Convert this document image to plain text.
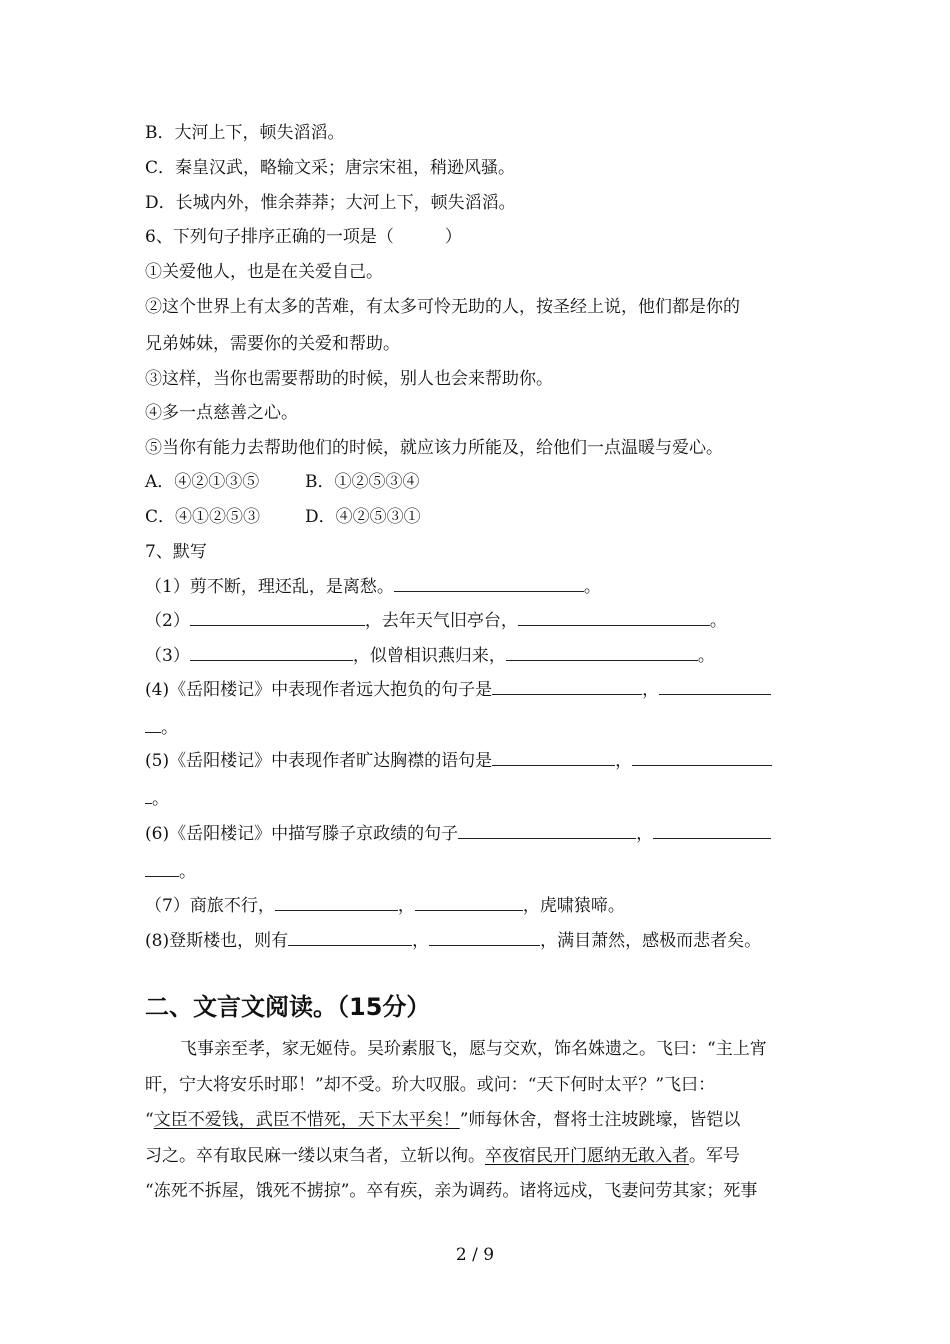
B．大河上下，顿失滔滔。
C．秦皇汉武，略输文采；唐宗宋祖，稍逊风骚。
D．长城内外，惟余莽莽；大河上下，顿失滔滔。
6、下列句子排序正确的一项是（　　　）
①关爱他人，也是在关爱自己。
②这个世界上有太多的苦难，有太多可怜无助的人，按圣经上说，他们都是你的
兄弟姊妹，需要你的关爱和帮助。
③这样，当你也需要帮助的时候，别人也会来帮助你。
④多一点慈善之心。
⑤当你有能力去帮助他们的时候，就应该力所能及，给他们一点温暖与爱心。
A．④②①③⑤	B．①②⑤③④
C．④①②⑤③	D．④②⑤③①
7、默写
（1）剪不断，理还乱，是离愁。	。
（2）	，去年天气旧亭台，	。
（3）	，似曾相识燕归来，	。
(4)《岳阳楼记》中表现作者远大抱负的句子是	，
。
(5)《岳阳楼记》中表现作者旷达胸襟的语句是	，
。
(6)《岳阳楼记》中描写滕子京政绩的句子	，
。
（7）商旅不行，	，	，虎啸猿啼。
(8)登斯楼也，则有	，	，满目萧然，感极而悲者矣。
二、文言文阅读。（15分）
飞事亲至孝，家无姬侍。吴玠素服飞，愿与交欢，饰名姝遗之。飞曰：“主上宵
旰，宁大将安乐时耶！”却不受。玠大叹服。或问：“天下何时太平？”飞曰：
“文臣不爱钱，武臣不惜死，天下太平矣！”师每休舍，督将士注坡跳壕，皆铠以
习之。卒有取民麻一缕以束刍者，立斩以徇。卒夜宿民开门愿纳无敢入者。军号
“冻死不拆屋，饿死不掳掠”。卒有疾，亲为调药。诸将远戍，飞妻问劳其家；死事
2 / 9
